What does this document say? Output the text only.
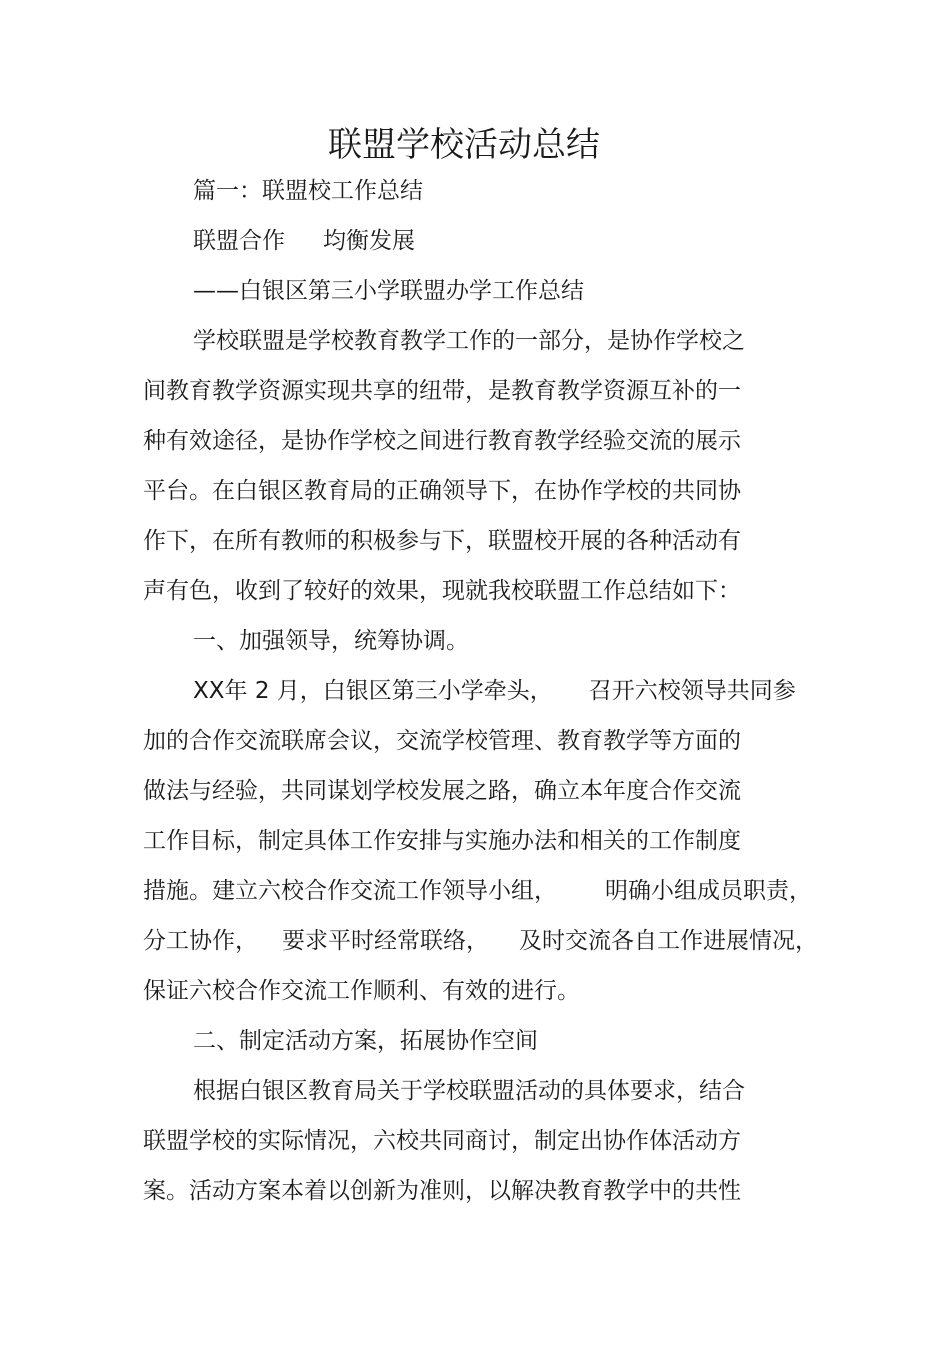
联盟学校活动总结
篇一：联盟校工作总结
联盟合作 均衡发展
——白银区第三小学联盟办学工作总结
学校联盟是学校教育教学工作的一部分，是协作学校之
间教育教学资源实现共享的纽带，是教育教学资源互补的一
种有效途径，是协作学校之间进行教育教学经验交流的展示
平台。在白银区教育局的正确领导下，在协作学校的共同协
作下，在所有教师的积极参与下，联盟校开展的各种活动有
声有色，收到了较好的效果，现就我校联盟工作总结如下：
一、加强领导，统筹协调。
XX年 2 月，白银区第三小学牵头， 召开六校领导共同参
加的合作交流联席会议，交流学校管理、教育教学等方面的
做法与经验，共同谋划学校发展之路，确立本年度合作交流
工作目标，制定具体工作安排与实施办法和相关的工作制度
措施。建立六校合作交流工作领导小组， 明确小组成员职责，
分工协作， 要求平时经常联络， 及时交流各自工作进展情况，
保证六校合作交流工作顺利、有效的进行。
二、制定活动方案，拓展协作空间
根据白银区教育局关于学校联盟活动的具体要求，结合
联盟学校的实际情况，六校共同商讨，制定出协作体活动方
案。活动方案本着以创新为准则，以解决教育教学中的共性
